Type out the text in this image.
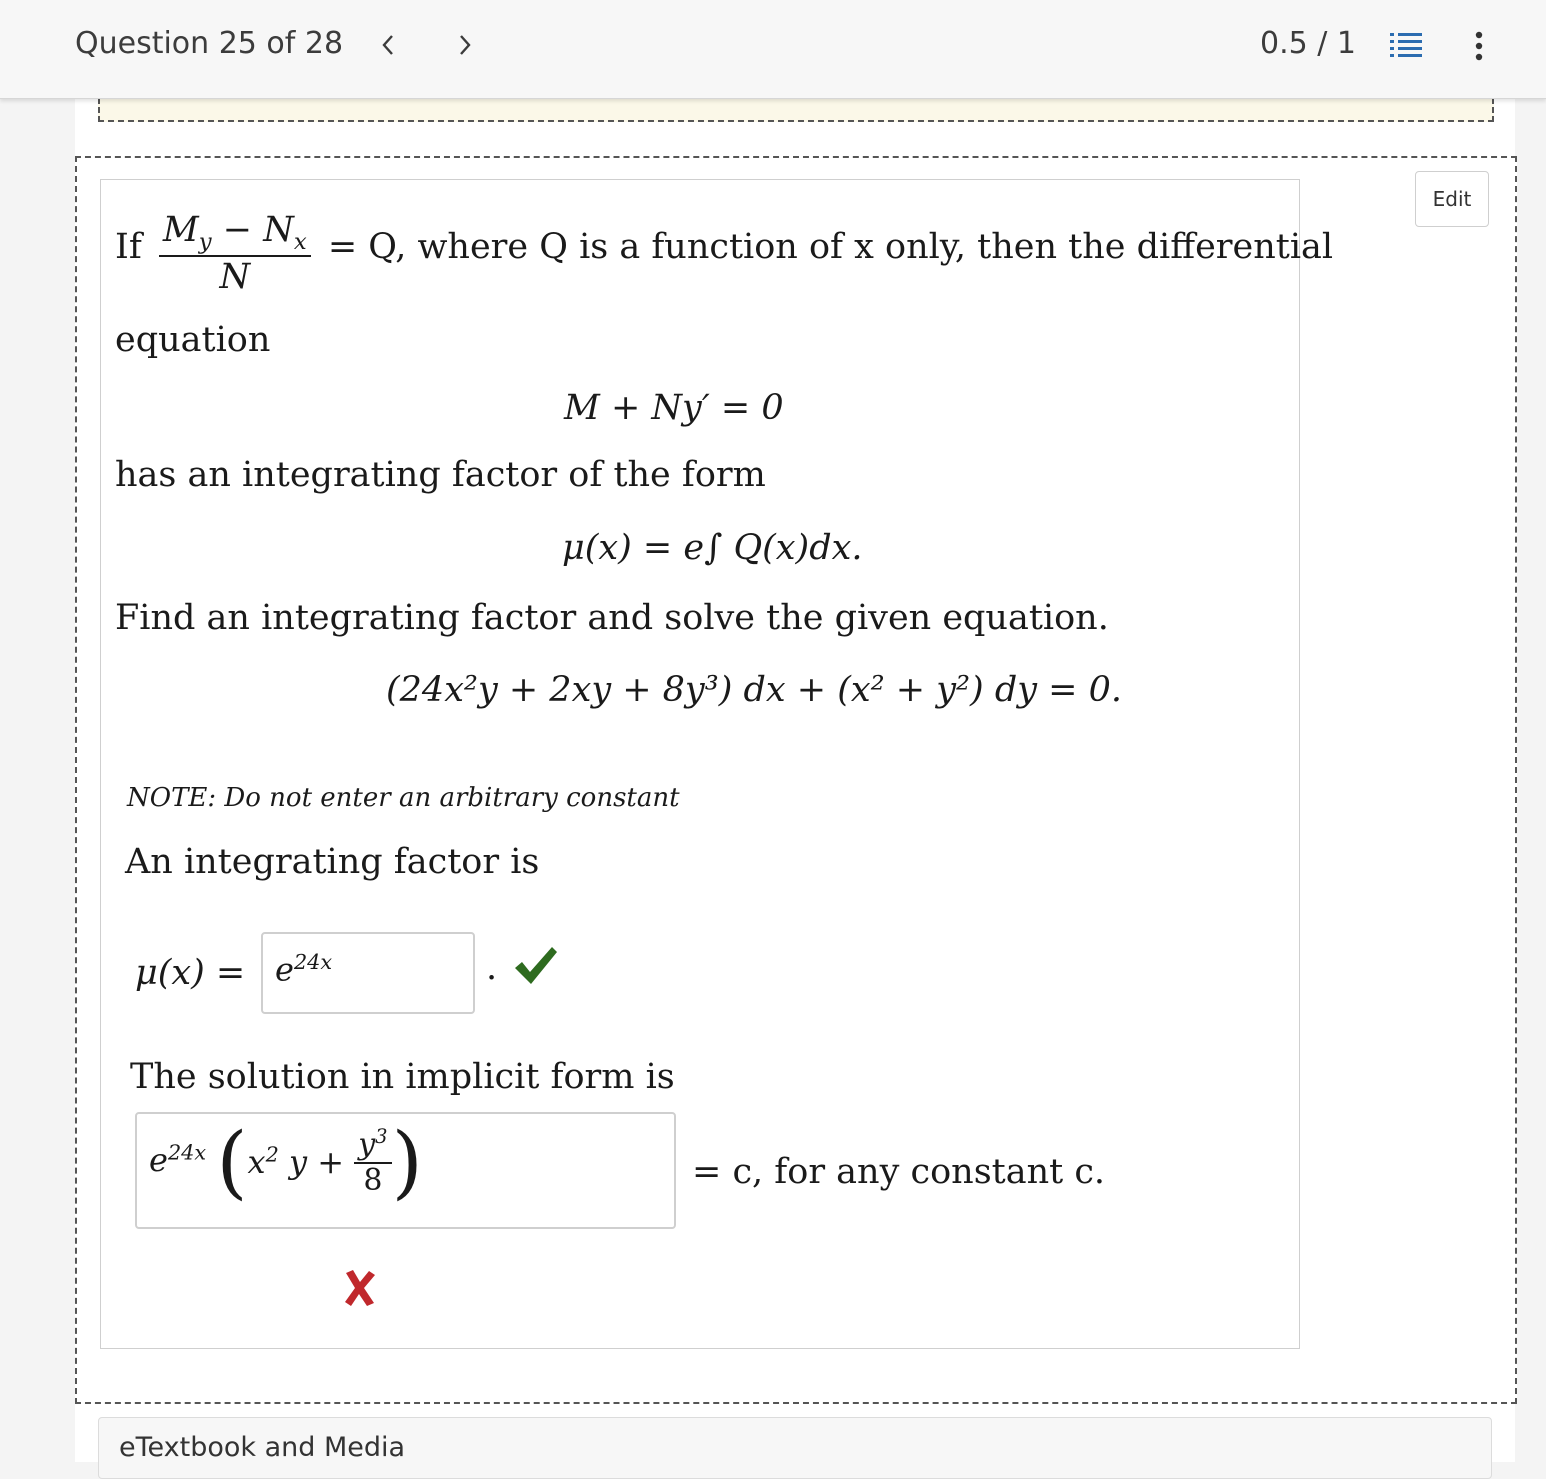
Question 25 of 28	0.5 / 1
Edit
If $\frac{M_y - N_x}{N} = Q$, where Q is a function of x only, then the differential
equation
M + Ny′ = 0
has an integrating factor of the form
μ(x) = e∫ Q(x)dx.
Find an integrating factor and solve the given equation.
(24x²y + 2xy + 8y³) dx + (x² + y²) dy = 0.
NOTE: Do not enter an arbitrary constant
An integrating factor is
$\mu(x) = e^{24x}$	.
The solution in implicit form is
$e^{24x}$ ($x^2$ $y + \frac{y^3}{8}$ )	= c, for any constant c.
eTextbook and Media
